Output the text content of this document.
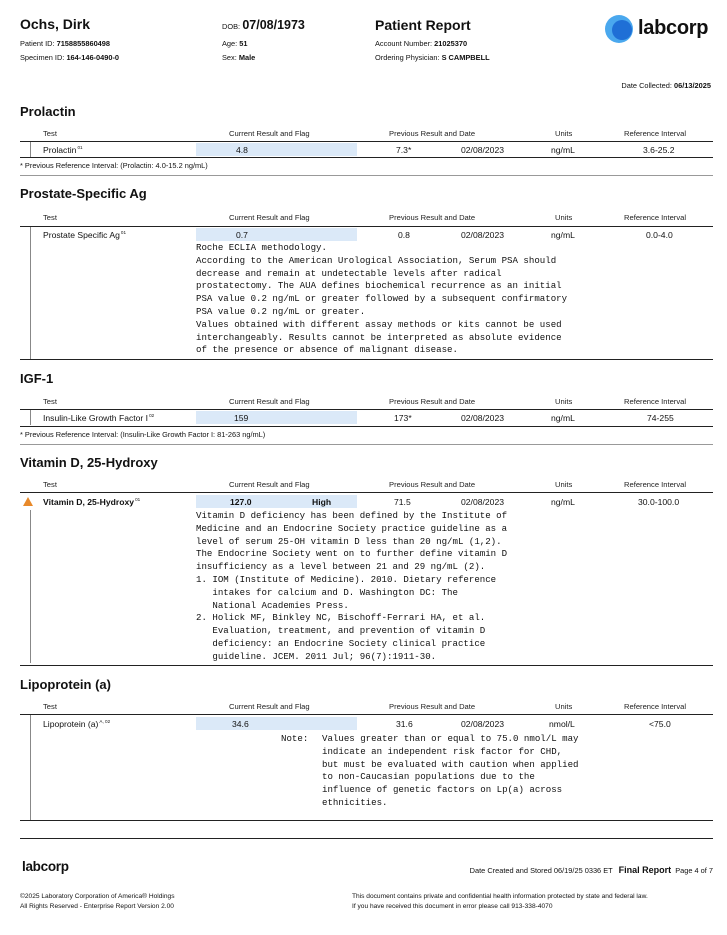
Ochs, Dirk
Patient ID: 7158855860498
Specimen ID: 164-146-0490-0
DOB: 07/08/1973
Age: 51
Sex: Male
Patient Report
Account Number: 21025370
Ordering Physician: S CAMPBELL
labcorp
Date Collected: 06/13/2025
Prolactin
Test	Current Result and Flag	Previous Result and Date	Units	Reference Interval
Prolactin$^{01}$	4.8	7.3*	02/08/2023	ng/mL	3.6-25.2
* Previous Reference Interval: (Prolactin: 4.0-15.2 ng/mL)
Prostate-Specific Ag
Test	Current Result and Flag	Previous Result and Date	Units	Reference Interval
Prostate Specific Ag$^{01}$	0.7	0.8	02/08/2023	ng/mL	0.0-4.0
Roche ECLIA methodology.
According to the American Urological Association, Serum PSA should
decrease and remain at undetectable levels after radical
prostatectomy. The AUA defines biochemical recurrence as an initial
PSA value 0.2 ng/mL or greater followed by a subsequent confirmatory
PSA value 0.2 ng/mL or greater.
Values obtained with different assay methods or kits cannot be used
interchangeably. Results cannot be interpreted as absolute evidence
of the presence or absence of malignant disease.
IGF-1
Test	Current Result and Flag	Previous Result and Date	Units	Reference Interval
Insulin-Like Growth Factor $I^{02}$	159	173*	02/08/2023	ng/mL	74-255
* Previous Reference Interval: (Insulin-Like Growth Factor I: 81-263 ng/mL)
Vitamin D, 25-Hydroxy
Test	Current Result and Flag	Previous Result and Date	Units	Reference Interval
Vitamin D, 25-Hydroxy$^{01}$	127.0	High	71.5	02/08/2023	ng/mL	30.0-100.0
Vitamin D deficiency has been defined by the Institute of
Medicine and an Endocrine Society practice guideline as a
level of serum 25-OH vitamin D less than 20 ng/mL (1,2).
The Endocrine Society went on to further define vitamin D
insufficiency as a level between 21 and 29 ng/mL (2).
1. IOM (Institute of Medicine). 2010. Dietary reference
intakes for calcium and D. Washington DC: The
National Academies Press.
2. Holick MF, Binkley NC, Bischoff-Ferrari HA, et al.
Evaluation, treatment, and prevention of vitamin D
deficiency: an Endocrine Society clinical practice
guideline. JCEM. 2011 Jul; 96(7):1911-30.
Lipoprotein (a)
Test	Current Result and Flag	Previous Result and Date	Units	Reference Interval
Lipoprotein $(a)^{A, 02}$	34.6	31.6	02/08/2023	nmol/L	<75.0
Note: Values greater than or equal to 75.0 nmol/L may
indicate an independent risk factor for CHD,
but must be evaluated with caution when applied
to non-Caucasian populations due to the
influence of genetic factors on Lp(a) across
ethnicities.
labcorp	Date Created and Stored 06/19/25 0336 ET Final Report Page 4 of 7
©2025 Laboratory Corporation of America® Holdings
All Rights Reserved - Enterprise Report Version 2.00
This document contains private and confidential health information protected by state and federal law.
If you have received this document in error please call 913-338-4070
